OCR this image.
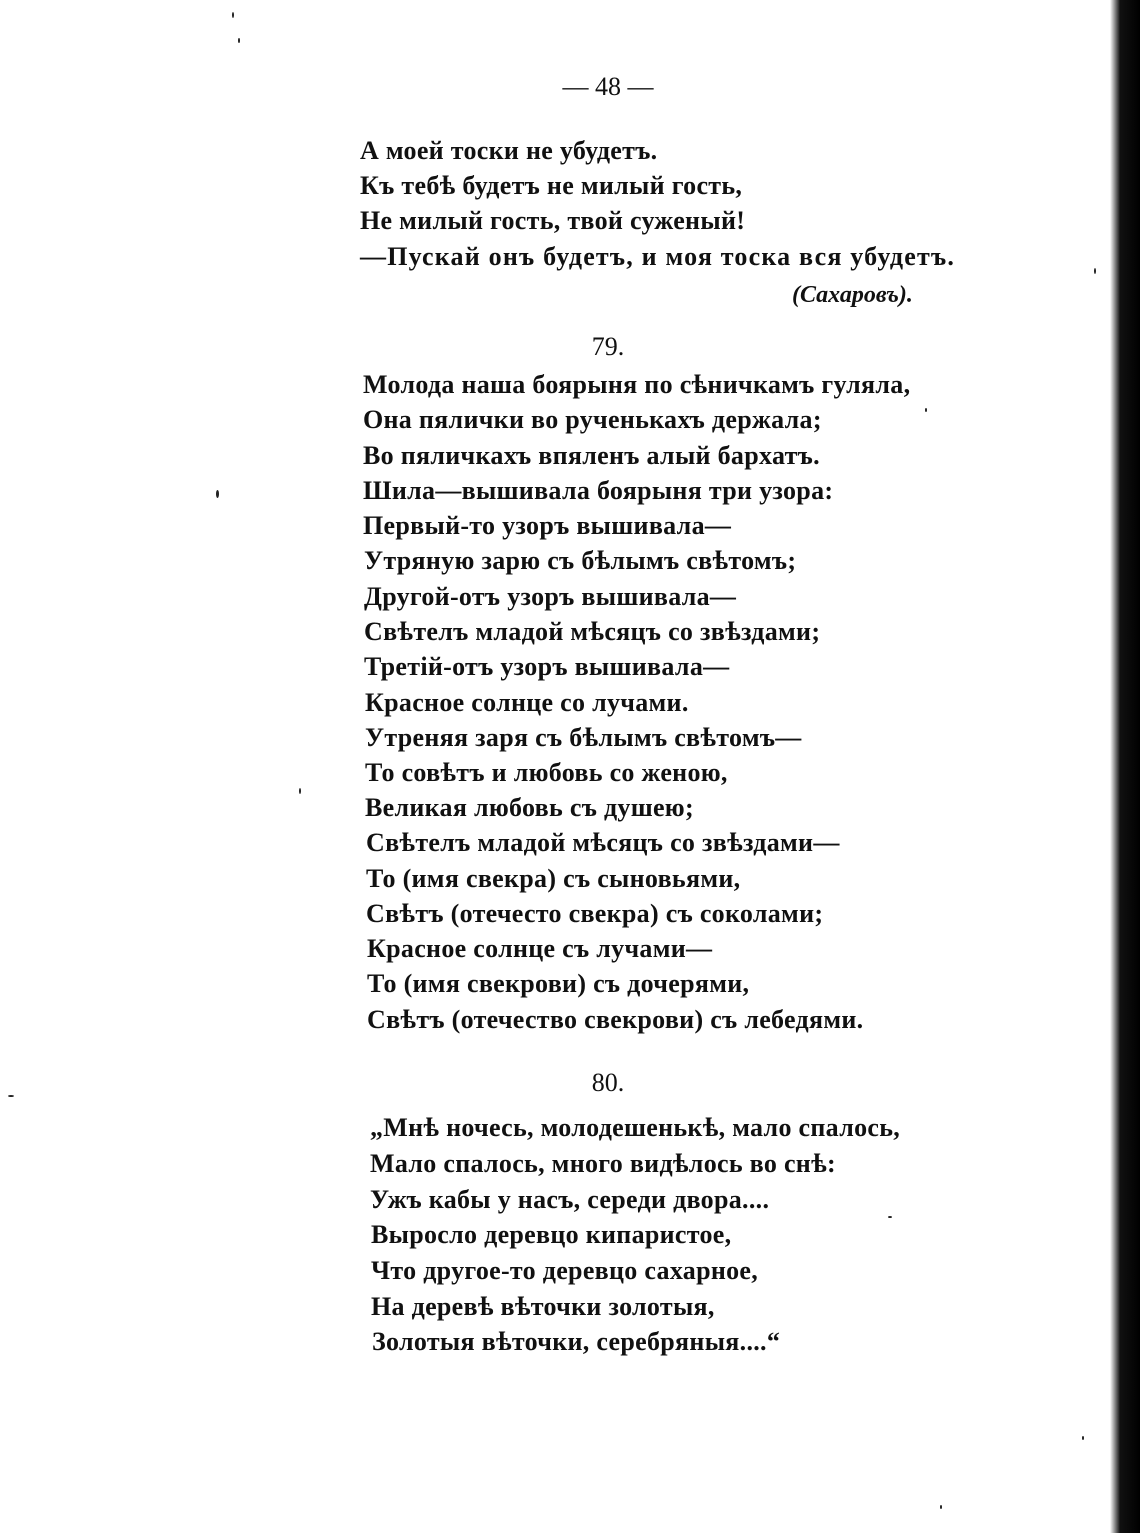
— 48 —
А моей тоски не убудетъ.
Къ тебѣ будетъ не милый гость,
Не милый гость, твой суженый!
—Пускай онъ будетъ, и моя тоска вся убудетъ.
(Сахаровъ).
79.
Молода наша боярыня по сѣничкамъ гуляла,
Она пялички во рученькахъ держала;
Во пяличкахъ впяленъ алый бархатъ.
Шила—вышивала боярыня три узора:
Первый-то узоръ вышивала—
Утряную зарю съ бѣлымъ свѣтомъ;
Другой-отъ узоръ вышивала—
Свѣтелъ младой мѣсяцъ со звѣздами;
Третій-отъ узоръ вышивала—
Красное солнце со лучами.
Утреняя заря съ бѣлымъ свѣтомъ—
То совѣтъ и любовь со женою,
Великая любовь съ душею;
Свѣтелъ младой мѣсяцъ со звѣздами—
То (имя свекра) съ сыновьями,
Свѣтъ (отечесто свекра) съ соколами;
Красное солнце съ лучами—
То (имя свекрови) съ дочерями,
Свѣтъ (отечество свекрови) съ лебедями.
80.
„Мнѣ ночесь, молодешенькѣ, мало спалось,
Мало спалось, много видѣлось во снѣ:
Ужъ кабы у насъ, середи двора....
Выросло деревцо кипаристое,
Что другое-то деревцо сахарное,
На деревѣ вѣточки золотыя,
Золотыя вѣточки, серебряныя....“
